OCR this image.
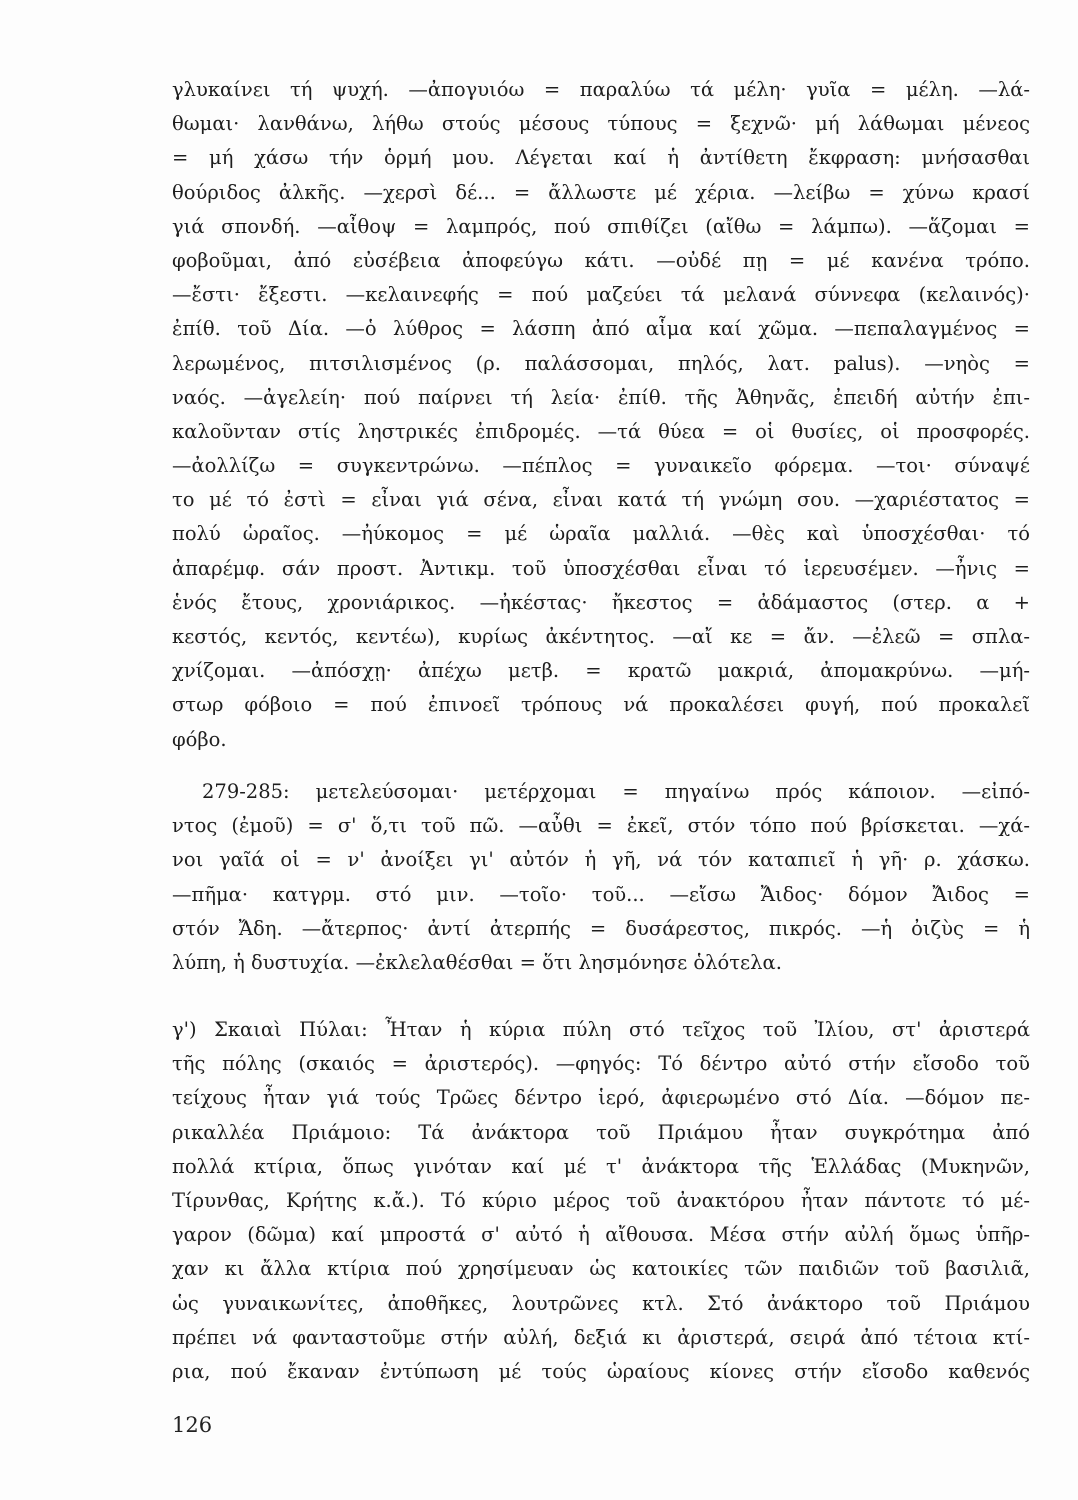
γλυκαίνει τή ψυχή. —ἀπογυιόω = παραλύω τά μέλη· γυῖα = μέλη. —λά-
θωμαι· λανθάνω, λήθω στούς μέσους τύπους = ξεχνῶ· μή λάθωμαι μένεος
= μή χάσω τήν ὁρμή μου. Λέγεται καί ἡ ἀντίθετη ἔκφραση: μνήσασθαι
θούριδος ἀλκῆς. —χερσὶ δέ... = ἄλλωστε μέ χέρια. —λείβω = χύνω κρασί
γιά σπονδή. —αἶθοψ = λαμπρός, πού σπιθίζει (αἴθω = λάμπω). —ἅζομαι =
φοβοῦμαι, ἀπό εὐσέβεια ἀποφεύγω κάτι. —οὐδέ πῃ = μέ κανένα τρόπο.
—ἔστι· ἔξεστι. —κελαινεφής = πού μαζεύει τά μελανά σύννεφα (κελαινός)·
ἐπίθ. τοῦ Δία. —ὁ λύθρος = λάσπη ἀπό αἷμα καί χῶμα. —πεπαλαγμένος =
λερωμένος, πιτσιλισμένος (ρ. παλάσσομαι, πηλός, λατ. palus). —νηὸς =
ναός. —ἀγελείη· πού παίρνει τή λεία· ἐπίθ. τῆς Ἀθηνᾶς, ἐπειδή αὐτήν ἐπι-
καλοῦνταν στίς ληστρικές ἐπιδρομές. —τά θύεα = οἱ θυσίες, οἱ προσφορές.
—ἀολλίζω = συγκεντρώνω. —πέπλος = γυναικεῖο φόρεμα. —τοι· σύναψέ
το μέ τό ἐστὶ = εἶναι γιά σένα, εἶναι κατά τή γνώμη σου. —χαριέστατος =
πολύ ὡραῖος. —ἠύκομος = μέ ὡραῖα μαλλιά. —θὲς καὶ ὑποσχέσθαι· τό
ἀπαρέμφ. σάν προστ. Ἀντικμ. τοῦ ὑποσχέσθαι εἶναι τό ἱερευσέμεν. —ἦνις =
ἑνός ἔτους, χρονιάρικος. —ἠκέστας· ἤκεστος = ἀδάμαστος (στερ. α +
κεστός, κεντός, κεντέω), κυρίως ἀκέντητος. —αἴ κε = ἄν. —ἐλεῶ = σπλα-
χνίζομαι. —ἀπόσχῃ· ἀπέχω μετβ. = κρατῶ μακριά, ἀπομακρύνω. —μή-
στωρ φόβοιο = πού ἐπινοεῖ τρόπους νά προκαλέσει φυγή, πού προκαλεῖ
φόβο.
279-285: μετελεύσομαι· μετέρχομαι = πηγαίνω πρός κάποιον. —εἰπό-
ντος (ἐμοῦ) = σ' ὅ,τι τοῦ πῶ. —αὖθι = ἐκεῖ, στόν τόπο πού βρίσκεται. —χά-
νοι γαῖά οἱ = ν' ἀνοίξει γι' αὐτόν ἡ γῆ, νά τόν καταπιεῖ ἡ γῆ· ρ. χάσκω.
—πῆμα· κατγρμ. στό μιν. —τοῖο· τοῦ... —εἴσω Ἄιδος· δόμον Ἄιδος =
στόν Ἄδη. —ἄτερπος· ἀντί ἀτερπής = δυσάρεστος, πικρός. —ἡ ὀιζὺς = ἡ
λύπη, ἡ δυστυχία. —ἐκλελαθέσθαι = ὅτι λησμόνησε ὁλότελα.
γ') Σκαιαὶ Πύλαι: Ἦταν ἡ κύρια πύλη στό τεῖχος τοῦ Ἰλίου, στ' ἀριστερά
τῆς πόλης (σκαιός = ἀριστερός). —φηγός: Τό δέντρο αὐτό στήν εἴσοδο τοῦ
τείχους ἦταν γιά τούς Τρῶες δέντρο ἱερό, ἀφιερωμένο στό Δία. —δόμον πε-
ρικαλλέα Πριάμοιο: Τά ἀνάκτορα τοῦ Πριάμου ἦταν συγκρότημα ἀπό
πολλά κτίρια, ὅπως γινόταν καί μέ τ' ἀνάκτορα τῆς Ἑλλάδας (Μυκηνῶν,
Τίρυνθας, Κρήτης κ.ἄ.). Τό κύριο μέρος τοῦ ἀνακτόρου ἦταν πάντοτε τό μέ-
γαρον (δῶμα) καί μπροστά σ' αὐτό ἡ αἴθουσα. Μέσα στήν αὐλή ὅμως ὑπῆρ-
χαν κι ἄλλα κτίρια πού χρησίμευαν ὡς κατοικίες τῶν παιδιῶν τοῦ βασιλιᾶ,
ὡς γυναικωνίτες, ἀποθῆκες, λουτρῶνες κτλ. Στό ἀνάκτορο τοῦ Πριάμου
πρέπει νά φανταστοῦμε στήν αὐλή, δεξιά κι ἀριστερά, σειρά ἀπό τέτοια κτί-
ρια, πού ἔκαναν ἐντύπωση μέ τούς ὡραίους κίονες στήν εἴσοδο καθενός
126
